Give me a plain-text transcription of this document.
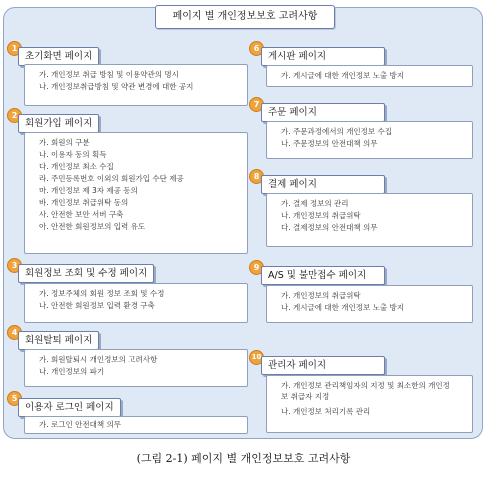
페이지 별 개인정보보호 고려사항
1
초기화면 페이지
가. 개인정보 취급 방침 및 이용약관의 명시
나. 개인정보취급방침 및 약관 변경에 대한 공지
2
회원가입 페이지
가. 회원의 구분
나. 이용자 동의 획득
다. 개인정보 최소 수집
라. 주민등록번호 이외의 회원가입 수단 제공
마. 개인정보 제 3자 제공 동의
바. 개인정보 취급위탁 동의
사. 안전한 보안 서버 구축
아. 안전한 회원정보의 입력 유도
3
회원정보 조회 및 수정 페이지
가. 정보주체의 회원 정보 조회 및 수정
나. 안전한 회원정보 입력 환경 구축
4
회원탈퇴 페이지
가. 회원탈퇴시 개인정보의 고려사항
나. 개인정보의 파기
5
이용자 로그인 페이지
가. 로그인 안전대책 의무
6
게시판 페이지
가. 게시글에 대한 개인정보 노출 방지
7
주문 페이지
가. 주문과정에서의 개인정보 수집
나. 주문정보의 안전대책 의무
8
결제 페이지
가. 결제 정보의 관리
나. 개인정보의 취급위탁
다. 결제정보의 안전대책 의무
9
A/S 및 불만접수 페이지
가. 개인정보의 취급위탁
나. 게시글에 대한 개인정보 노출 방지
10
관리자 페이지
가. 개인정보 관리책임자의 지정 및 최소한의 개인정보 취급자 지정
나. 개인정보 처리기록 관리
(그림 2-1) 페이지 별 개인정보보호 고려사항
